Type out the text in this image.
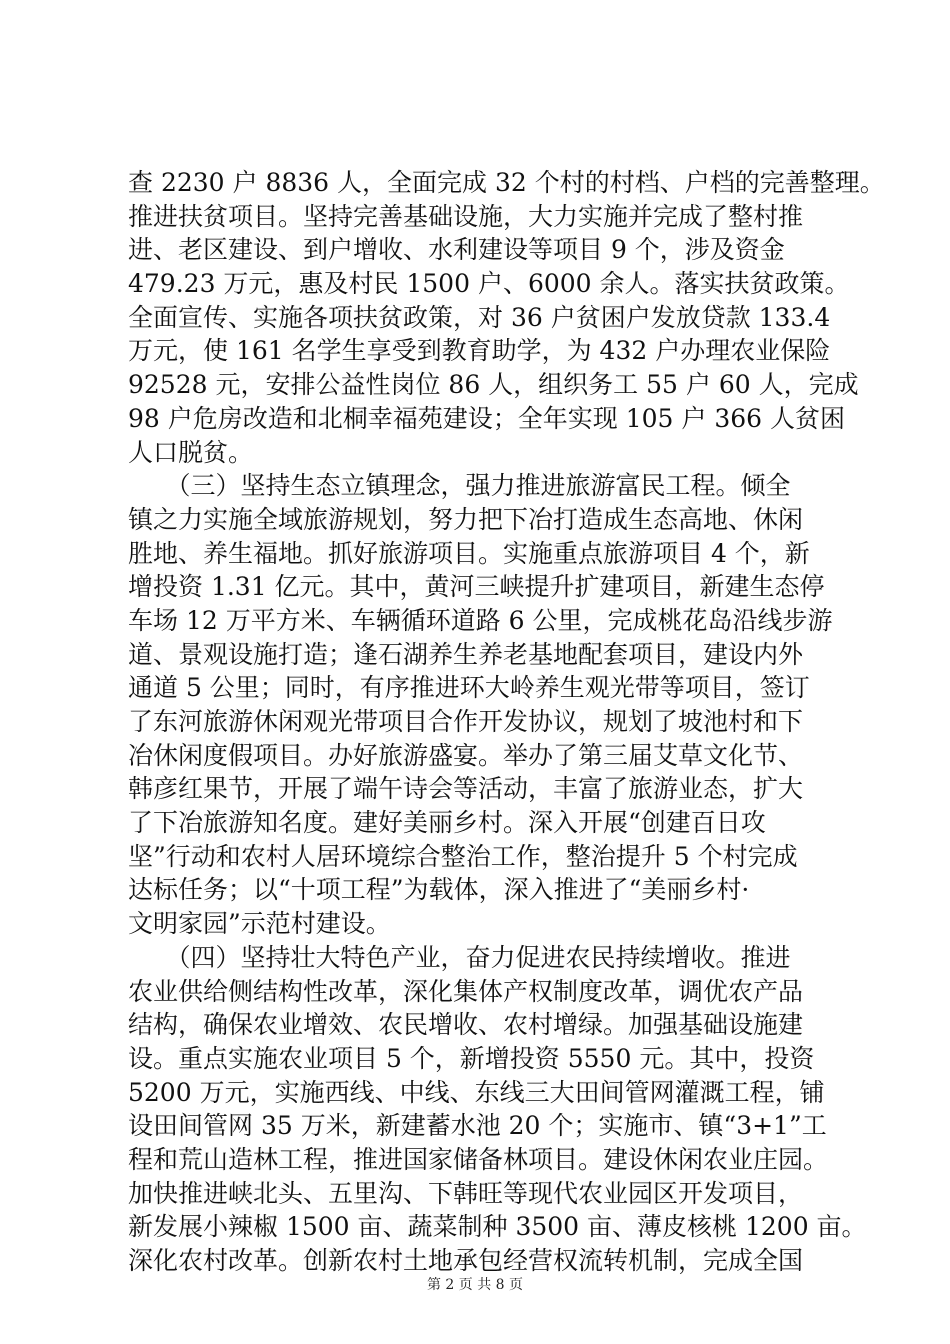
查 2230 户 8836 人，全面完成 32 个村的村档、户档的完善整理。
推进扶贫项目。坚持完善基础设施，大力实施并完成了整村推
进、老区建设、到户增收、水利建设等项目 9 个，涉及资金
479.23 万元，惠及村民 1500 户、6000 余人。落实扶贫政策。
全面宣传、实施各项扶贫政策，对 36 户贫困户发放贷款 133.4
万元，使 161 名学生享受到教育助学，为 432 户办理农业保险
92528 元，安排公益性岗位 86 人，组织务工 55 户 60 人，完成
98 户危房改造和北桐幸福苑建设；全年实现 105 户 366 人贫困
人口脱贫。
　　（三）坚持生态立镇理念，强力推进旅游富民工程。倾全
镇之力实施全域旅游规划，努力把下冶打造成生态高地、休闲
胜地、养生福地。抓好旅游项目。实施重点旅游项目 4 个，新
增投资 1.31 亿元。其中，黄河三峡提升扩建项目，新建生态停
车场 12 万平方米、车辆循环道路 6 公里，完成桃花岛沿线步游
道、景观设施打造；逢石湖养生养老基地配套项目，建设内外
通道 5 公里；同时，有序推进环大岭养生观光带等项目，签订
了东河旅游休闲观光带项目合作开发协议，规划了坡池村和下
冶休闲度假项目。办好旅游盛宴。举办了第三届艾草文化节、
韩彦红果节，开展了端午诗会等活动，丰富了旅游业态，扩大
了下冶旅游知名度。建好美丽乡村。深入开展“创建百日攻
坚”行动和农村人居环境综合整治工作，整治提升 5 个村完成
达标任务；以“十项工程”为载体，深入推进了“美丽乡村·
文明家园”示范村建设。
　　（四）坚持壮大特色产业，奋力促进农民持续增收。推进
农业供给侧结构性改革，深化集体产权制度改革，调优农产品
结构，确保农业增效、农民增收、农村增绿。加强基础设施建
设。重点实施农业项目 5 个，新增投资 5550 元。其中，投资
5200 万元，实施西线、中线、东线三大田间管网灌溉工程，铺
设田间管网 35 万米，新建蓄水池 20 个；实施市、镇“3+1”工
程和荒山造林工程，推进国家储备林项目。建设休闲农业庄园。
加快推进峡北头、五里沟、下韩旺等现代农业园区开发项目，
新发展小辣椒 1500 亩、蔬菜制种 3500 亩、薄皮核桃 1200 亩。
深化农村改革。创新农村土地承包经营权流转机制，完成全国
第 2 页 共 8 页
